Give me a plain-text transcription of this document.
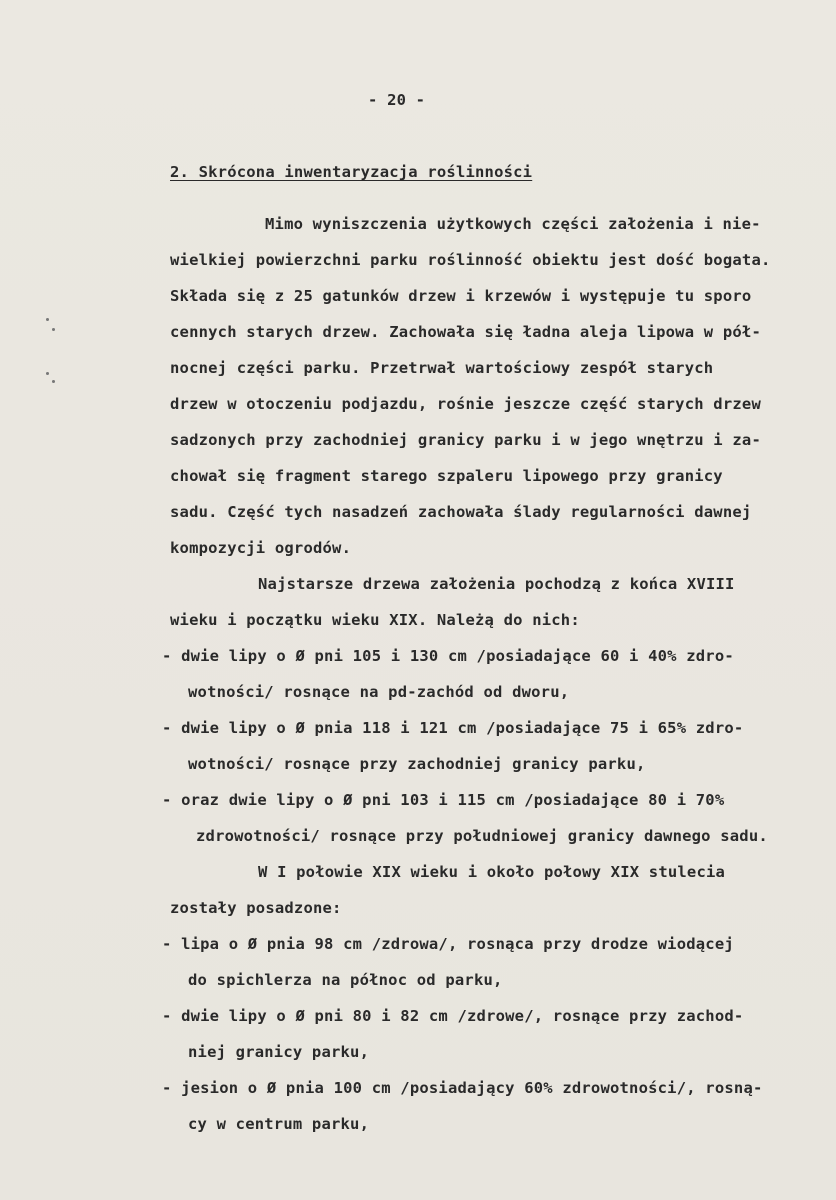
- 20 -
2. Skrócona inwentaryzacja roślinności
Mimo wyniszczenia użytkowych części założenia i nie-
wielkiej powierzchni parku roślinność obiektu jest dość bogata.
Składa się z 25 gatunków drzew i krzewów i występuje tu sporo
cennych starych drzew. Zachowała się ładna aleja lipowa w pół-
nocnej części parku. Przetrwał wartościowy zespół starych
drzew w otoczeniu podjazdu, rośnie jeszcze część starych drzew
sadzonych przy zachodniej granicy parku i w jego wnętrzu i za-
chował się fragment starego szpaleru lipowego przy granicy
sadu. Część tych nasadzeń zachowała ślady regularności dawnej
kompozycji ogrodów.
Najstarsze drzewa założenia pochodzą z końca XVIII
wieku i początku wieku XIX. Należą do nich:
- dwie lipy o Ø pni 105 i 130 cm /posiadające 60 i 40% zdro-
wotności/ rosnące na pd-zachód od dworu,
- dwie lipy o Ø pnia 118 i 121 cm /posiadające 75 i 65% zdro-
wotności/ rosnące przy zachodniej granicy parku,
- oraz dwie lipy o Ø pni 103 i 115 cm /posiadające 80 i 70%
zdrowotności/ rosnące przy południowej granicy dawnego sadu.
W I połowie XIX wieku i około połowy XIX stulecia
zostały posadzone:
- lipa o Ø pnia 98 cm /zdrowa/, rosnąca przy drodze wiodącej
do spichlerza na północ od parku,
- dwie lipy o Ø pni 80 i 82 cm /zdrowe/, rosnące przy zachod-
niej granicy parku,
- jesion o Ø pnia 100 cm /posiadający 60% zdrowotności/, rosną-
cy w centrum parku,
